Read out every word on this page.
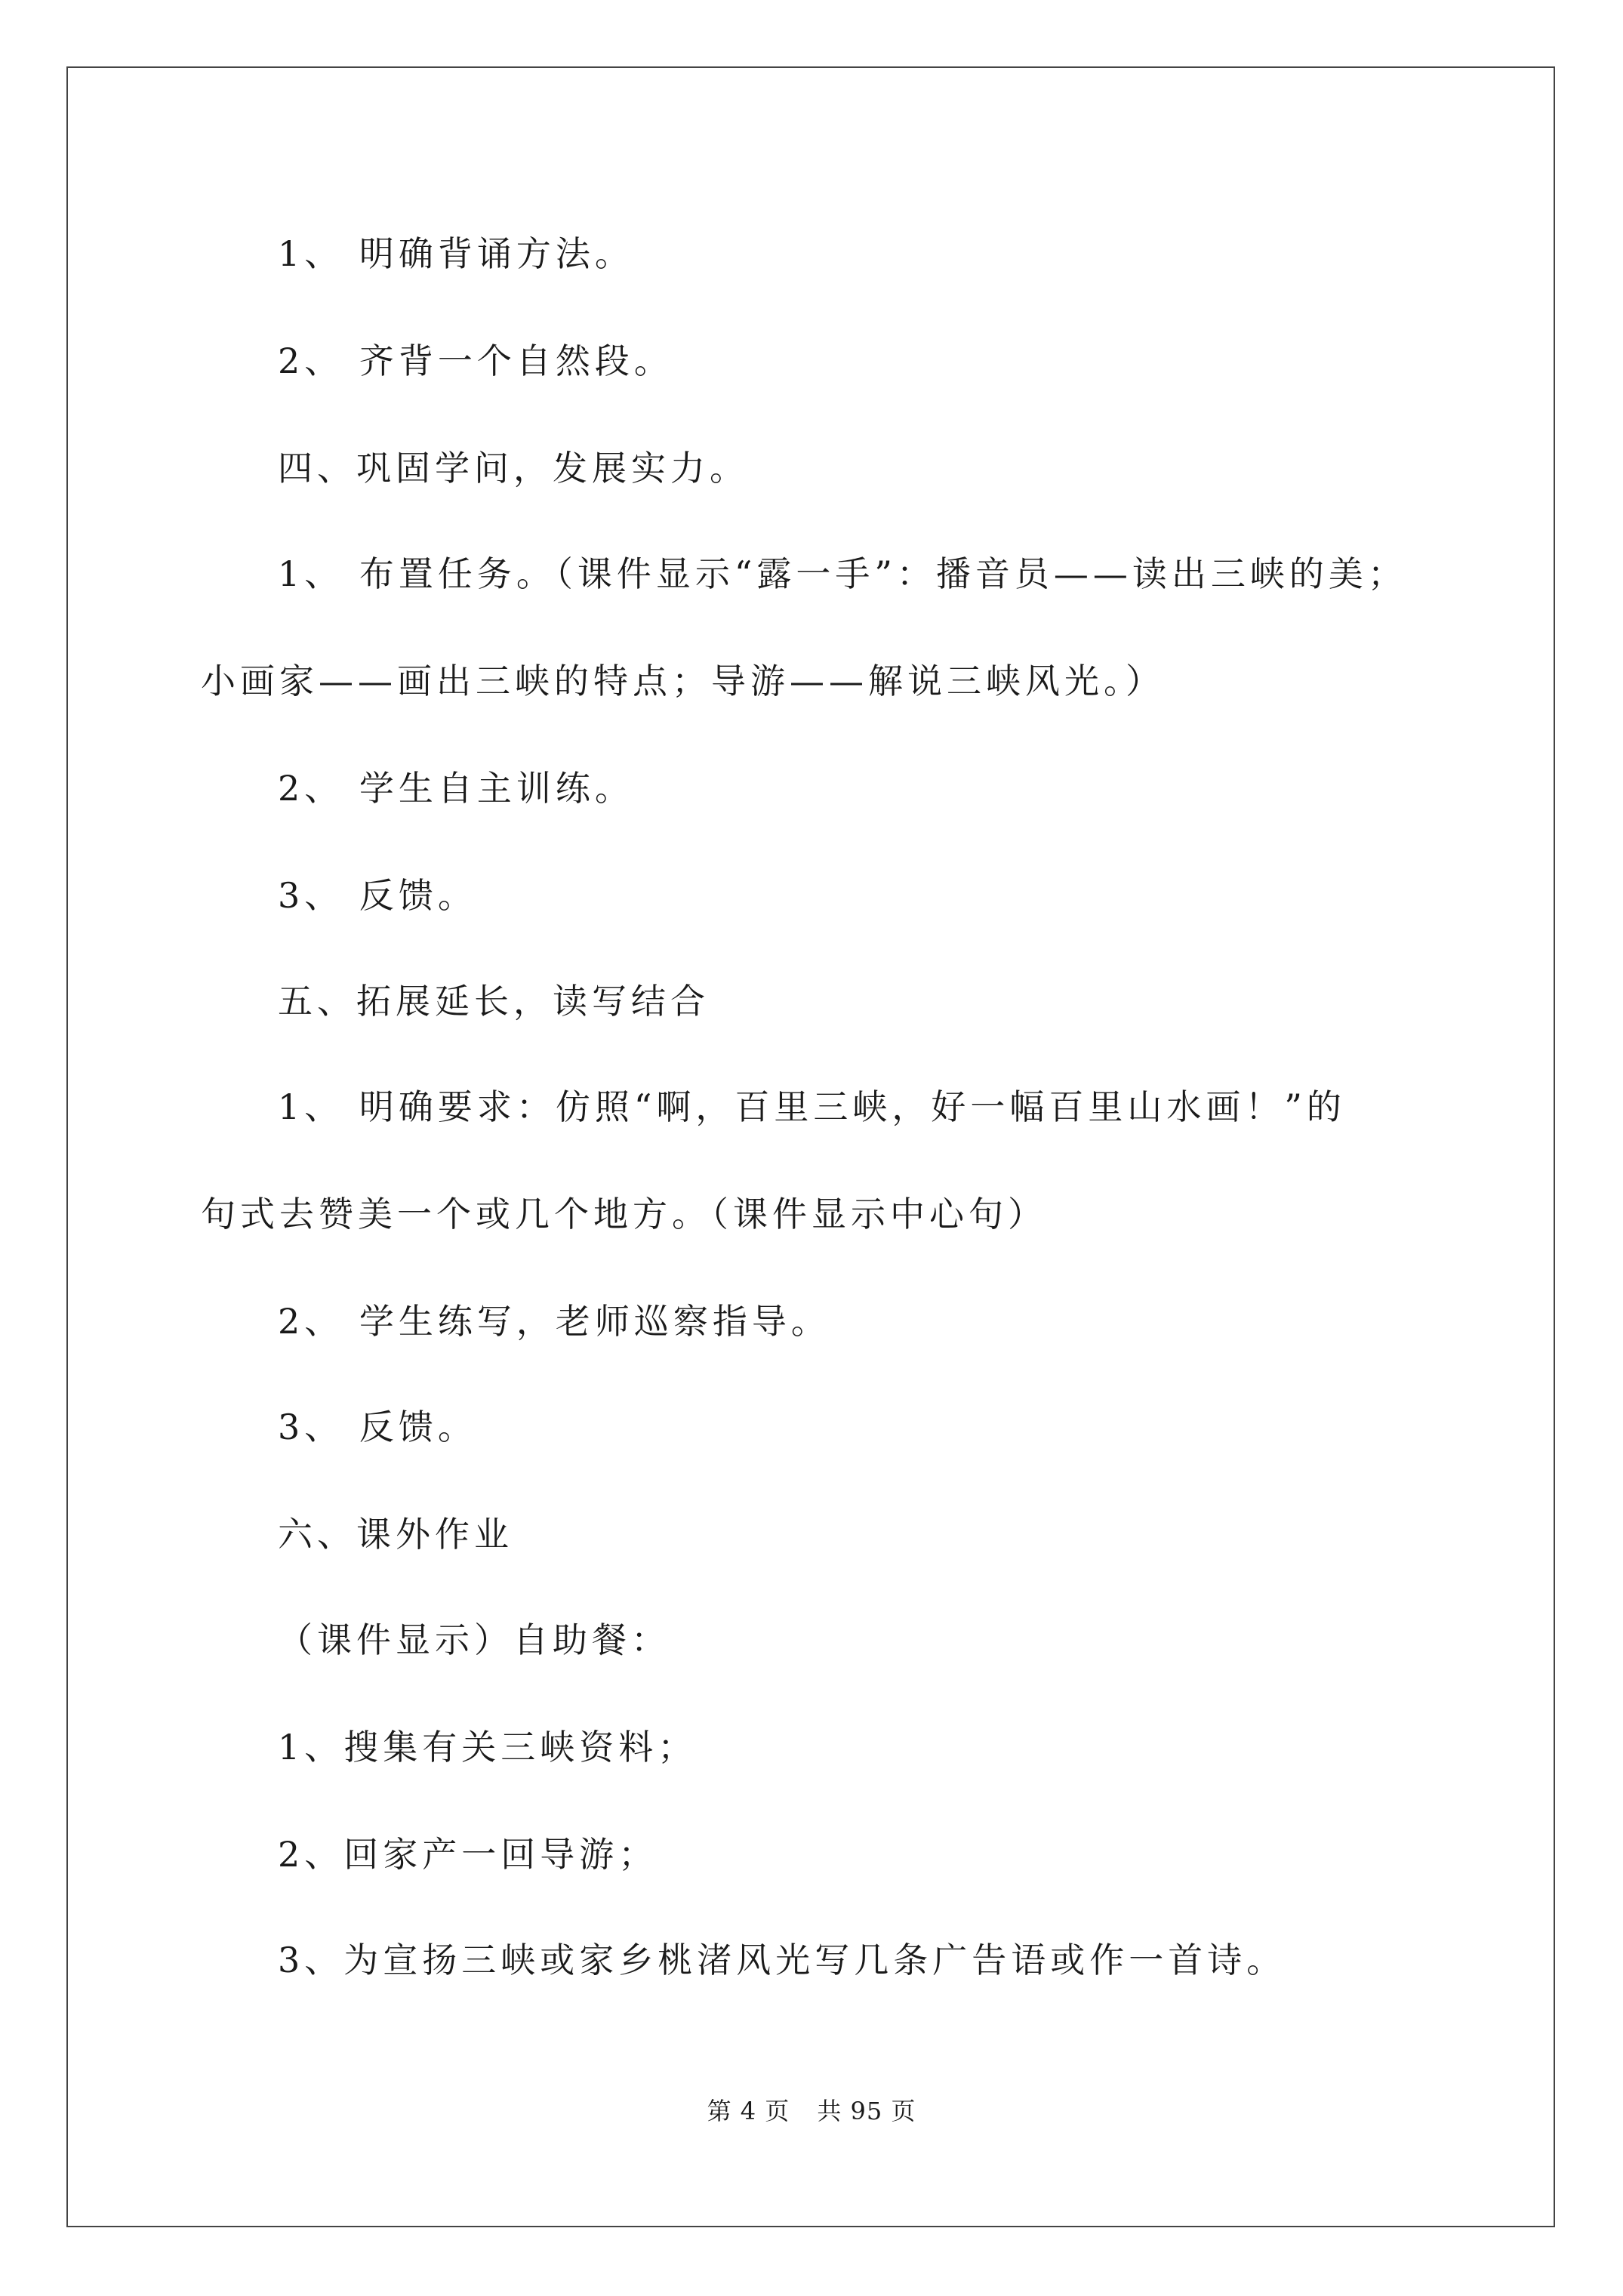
1、 明确背诵方法。
2、 齐背一个自然段。
四、巩固学问，发展实力。
1、 布置任务。（课件显示“露一手”：播音员——读出三峡的美；
小画家——画出三峡的特点；导游——解说三峡风光。）
2、 学生自主训练。
3、 反馈。
五、拓展延长，读写结合
1、 明确要求：仿照“啊，百里三峡，好一幅百里山水画！”的
句式去赞美一个或几个地方。（课件显示中心句）
2、 学生练写，老师巡察指导。
3、 反馈。
六、课外作业
（课件显示）自助餐：
1、搜集有关三峡资料；
2、回家产一回导游；
3、为宣扬三峡或家乡桃渚风光写几条广告语或作一首诗。
第 4 页 共 95 页
